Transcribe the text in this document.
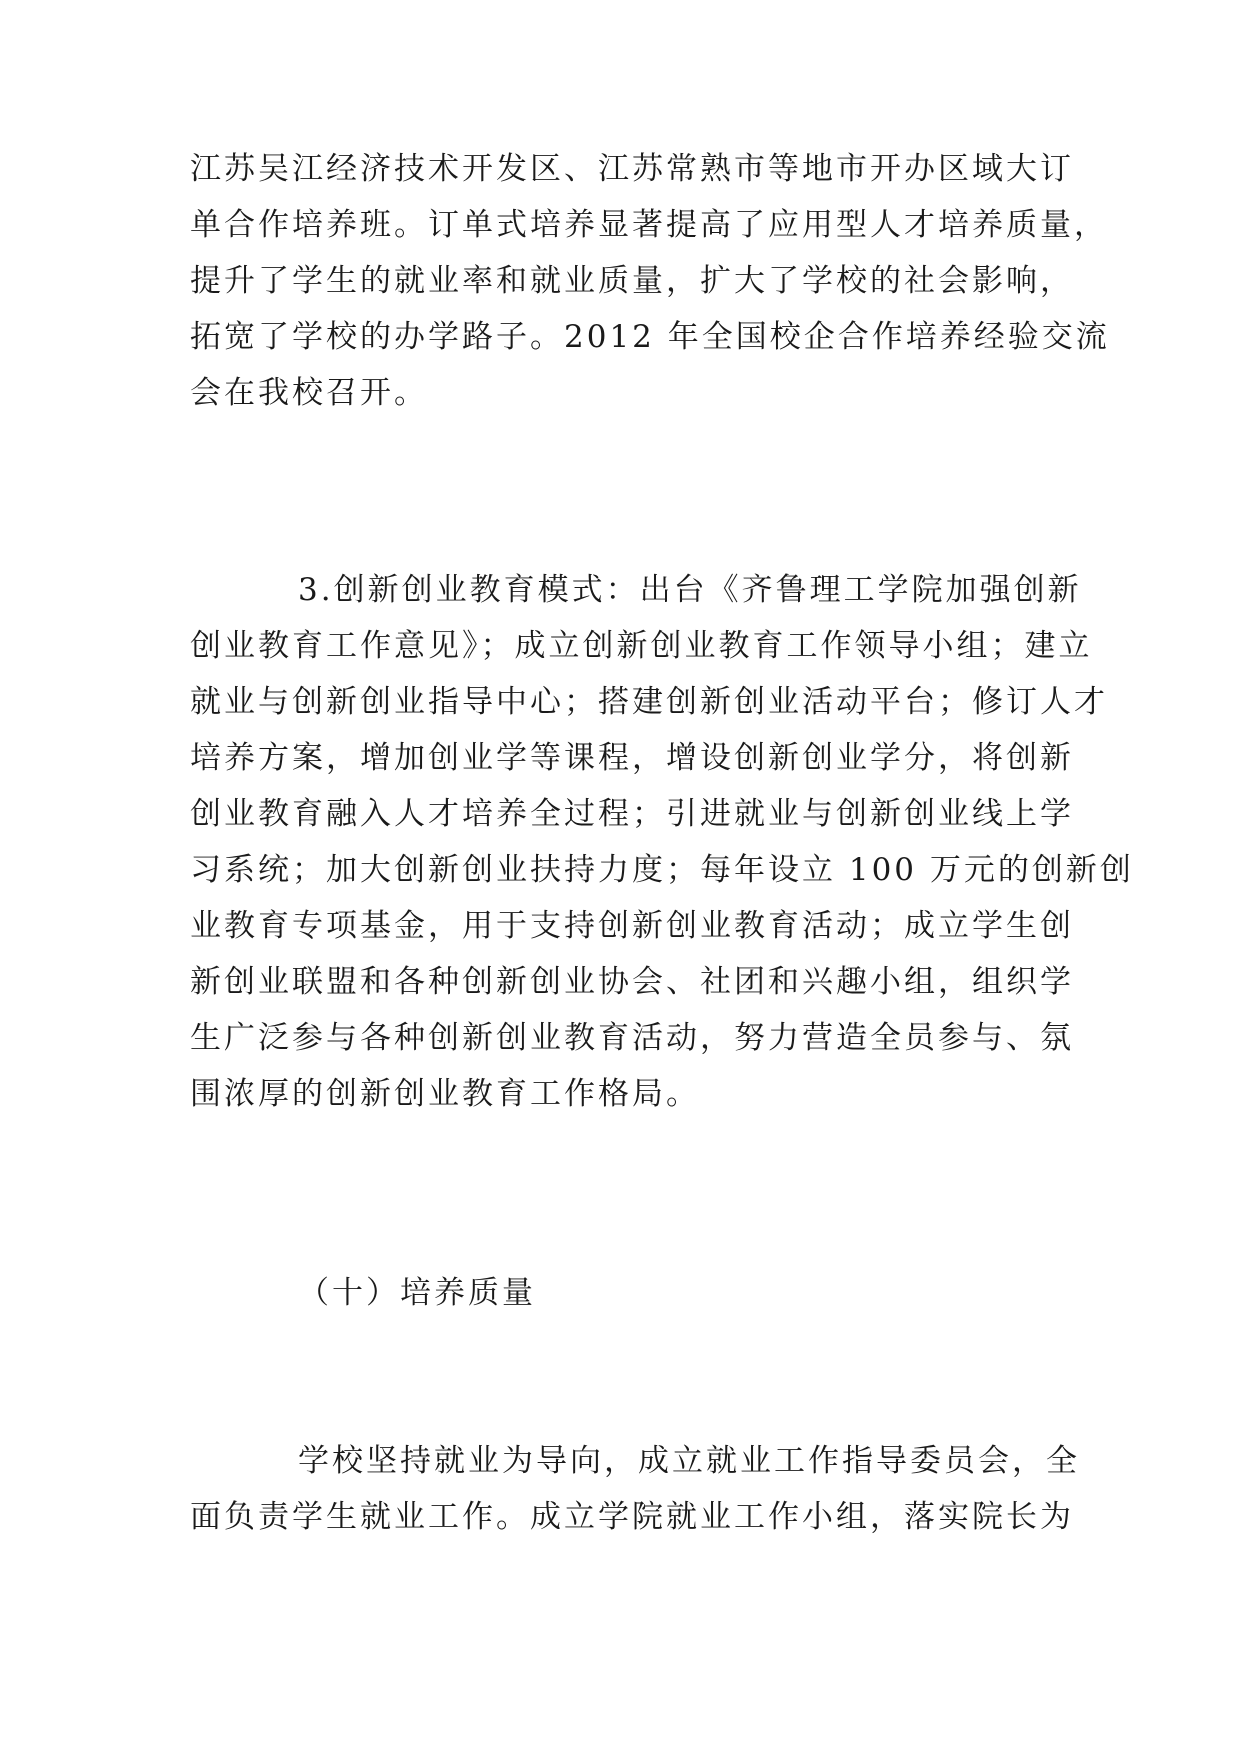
江苏吴江经济技术开发区、江苏常熟市等地市开办区域大订
单合作培养班。订单式培养显著提高了应用型人才培养质量，
提升了学生的就业率和就业质量，扩大了学校的社会影响，
拓宽了学校的办学路子。2012 年全国校企合作培养经验交流
会在我校召开。
3.创新创业教育模式：出台《齐鲁理工学院加强创新
创业教育工作意见》；成立创新创业教育工作领导小组；建立
就业与创新创业指导中心；搭建创新创业活动平台；修订人才
培养方案，增加创业学等课程，增设创新创业学分，将创新
创业教育融入人才培养全过程；引进就业与创新创业线上学
习系统；加大创新创业扶持力度；每年设立 100 万元的创新创
业教育专项基金，用于支持创新创业教育活动；成立学生创
新创业联盟和各种创新创业协会、社团和兴趣小组，组织学
生广泛参与各种创新创业教育活动，努力营造全员参与、氛
围浓厚的创新创业教育工作格局。
（十）培养质量
学校坚持就业为导向，成立就业工作指导委员会，全
面负责学生就业工作。成立学院就业工作小组，落实院长为
